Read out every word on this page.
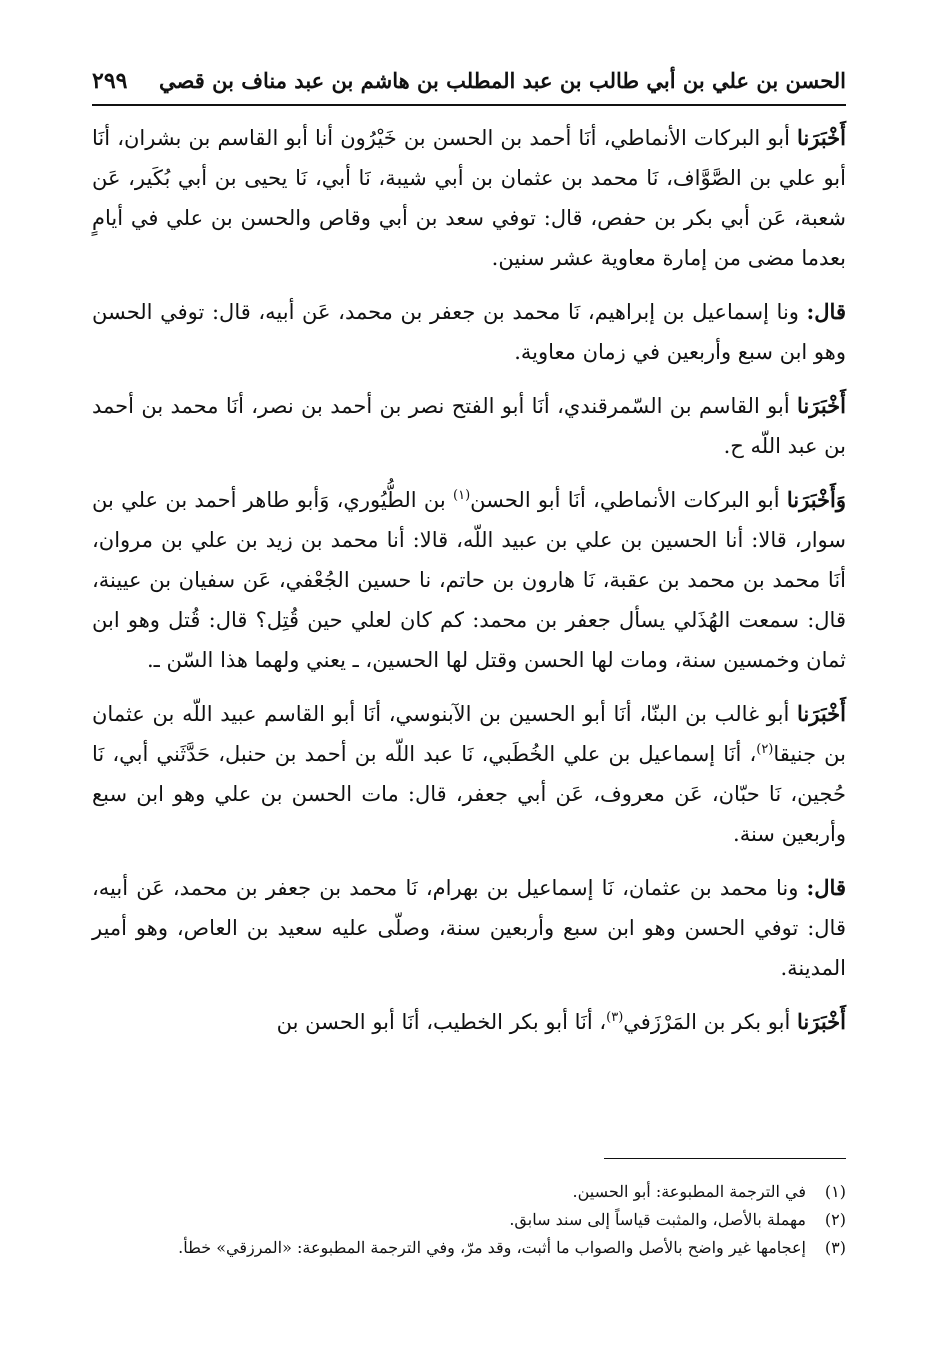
الحسن بن علي بن أبي طالب بن عبد المطلب بن هاشم بن عبد مناف بن قصي
٢٩٩

أَخْبَرَنا أبو البركات الأنماطي، أنَا أحمد بن الحسن بن خَيْرُون أنا أبو القاسم بن بشران، أنَا أبو علي بن الصَّوَّاف، نَا محمد بن عثمان بن أبي شيبة، نَا أبي، نَا يحيى بن أبي بُكَير، عَن شعبة، عَن أبي بكر بن حفص، قال: توفي سعد بن أبي وقاص والحسن بن علي في أيامٍ بعدما مضى من إمارة معاوية عشر سنين.

قال: ونا إسماعيل بن إبراهيم، نَا محمد بن جعفر بن محمد، عَن أبيه، قال: توفي الحسن وهو ابن سبع وأربعين في زمان معاوية.

أَخْبَرَنا أبو القاسم بن السّمرقندي، أنَا أبو الفتح نصر بن أحمد بن نصر، أنَا محمد بن أحمد بن عبد اللّه ح.

وَأَخْبَرَنا أبو البركات الأنماطي، أنَا أبو الحسن$^{(١)}$ بن الطُّيُوري، وَأبو طاهر أحمد بن علي بن سوار، قالا: أنا الحسين بن علي بن عبيد اللّه، قالا: أنا محمد بن زيد بن علي بن مروان، أنَا محمد بن محمد بن عقبة، نَا هارون بن حاتم، نا حسين الجُعْفي، عَن سفيان بن عيينة، قال: سمعت الهُذَلي يسأل جعفر بن محمد: كم كان لعلي حين قُتِل؟ قال: قُتل وهو ابن ثمان وخمسين سنة، ومات لها الحسن وقتل لها الحسين، ـ يعني ولهما هذا السّن ـ.

أَخْبَرَنا أبو غالب بن البنّا، أنَا أبو الحسين بن الآبنوسي، أنَا أبو القاسم عبيد اللّه بن عثمان بن جنيقا$^{(٢)}$، أنَا إسماعيل بن علي الخُطَبي، نَا عبد اللّه بن أحمد بن حنبل، حَدَّثَني أبي، نَا حُجين، نَا حبّان، عَن معروف، عَن أبي جعفر، قال: مات الحسن بن علي وهو ابن سبع وأربعين سنة.

قال: ونا محمد بن عثمان، نَا إسماعيل بن بهرام، نَا محمد بن جعفر بن محمد، عَن أبيه، قال: توفي الحسن وهو ابن سبع وأربعين سنة، وصلّى عليه سعيد بن العاص، وهو أمير المدينة.

أَخْبَرَنا أبو بكر بن المَرْزَفي$^{(٣)}$، أنَا أبو بكر الخطيب، أنَا أبو الحسن بن

(١)في الترجمة المطبوعة: أبو الحسين.
(٢)مهملة بالأصل، والمثبت قياساً إلى سند سابق.
(٣)إعجامها غير واضح بالأصل والصواب ما أثبت، وقد مرّ، وفي الترجمة المطبوعة: «المرزقي» خطأ.
